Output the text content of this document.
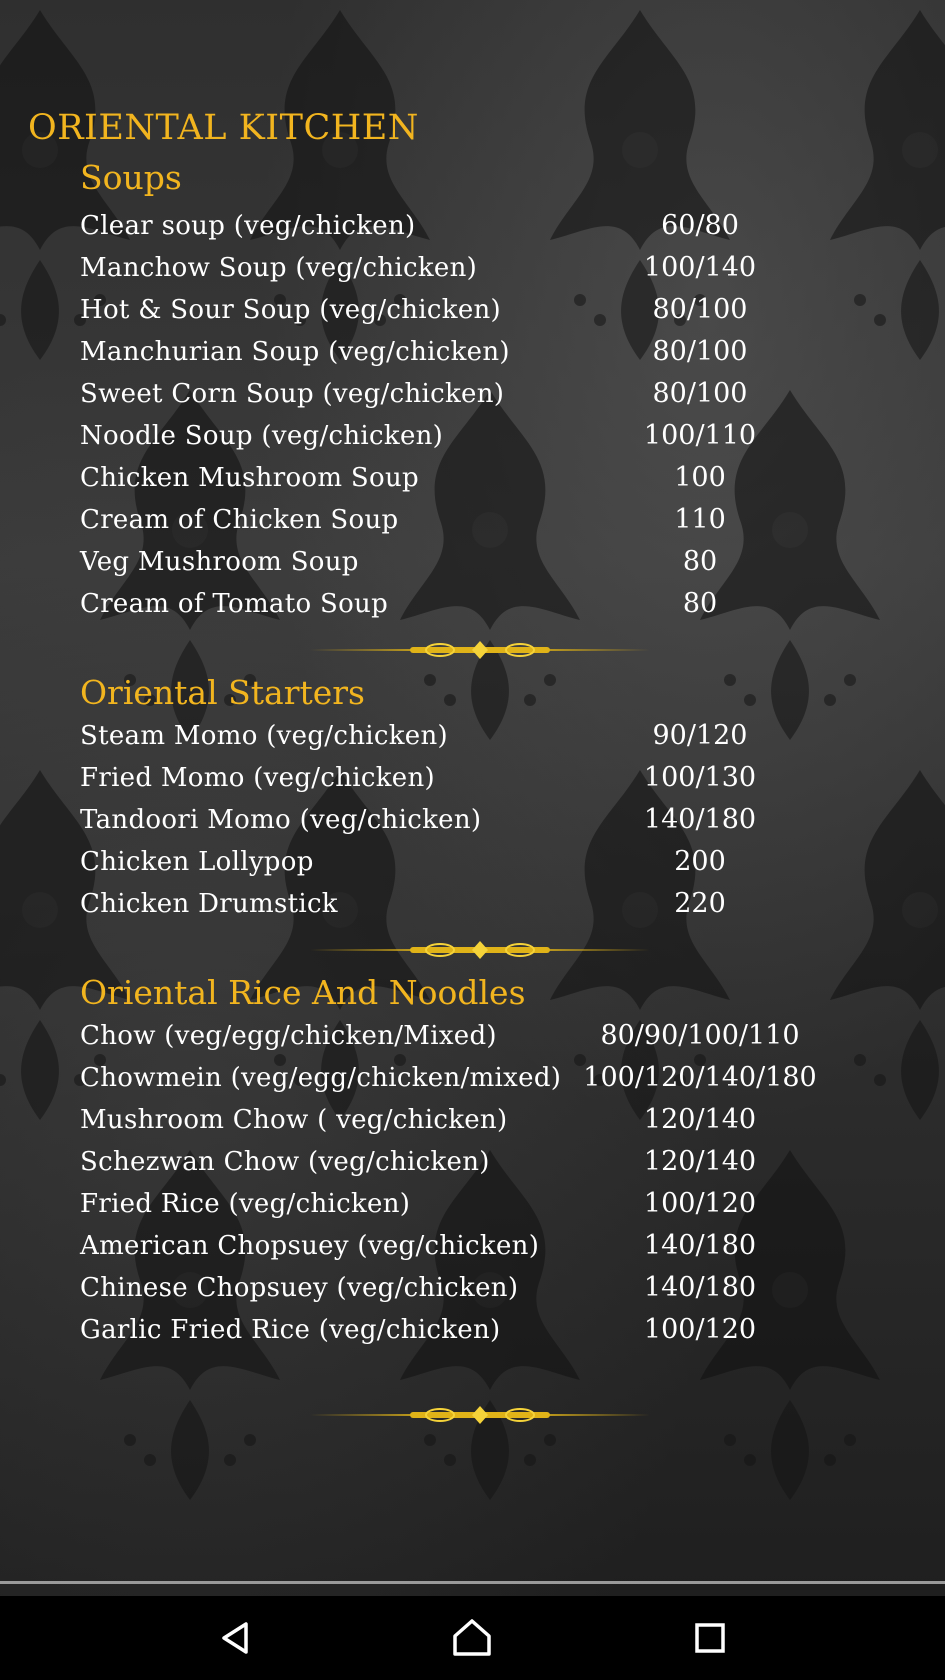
ORIENTAL KITCHEN
Soups
Clear soup (veg/chicken)	60/80
Manchow Soup (veg/chicken)	100/140
Hot & Sour Soup (veg/chicken)	80/100
Manchurian Soup (veg/chicken)	80/100
Sweet Corn Soup (veg/chicken)	80/100
Noodle Soup (veg/chicken)	100/110
Chicken Mushroom Soup	100
Cream of Chicken Soup	110
Veg Mushroom Soup	80
Cream of Tomato Soup	80
Oriental Starters
Steam Momo (veg/chicken)	90/120
Fried Momo (veg/chicken)	100/130
Tandoori Momo (veg/chicken)	140/180
Chicken Lollypop	200
Chicken Drumstick	220
Oriental Rice And Noodles
Chow (veg/egg/chicken/Mixed)	80/90/100/110
Chowmein (veg/egg/chicken/mixed) 100/120/140/180
Mushroom Chow ( veg/chicken)	120/140
Schezwan Chow (veg/chicken)	120/140
Fried Rice (veg/chicken)	100/120
American Chopsuey (veg/chicken)	140/180
Chinese Chopsuey (veg/chicken)	140/180
Garlic Fried Rice (veg/chicken)	100/120
